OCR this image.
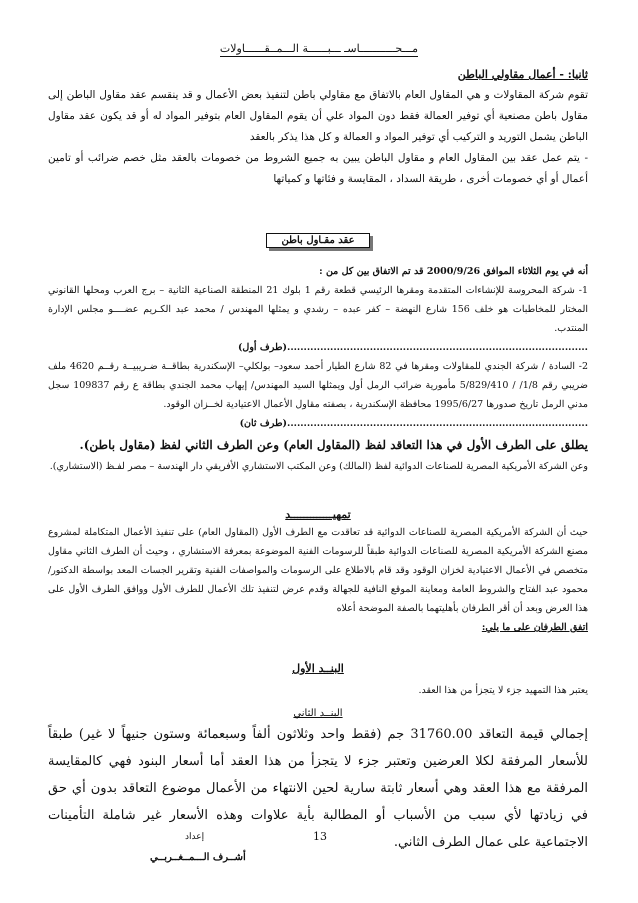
مـــحـــــــــــاسـ ـــبــــــة الـــمــقــــــاولات

ثانيا: - أعمال مقاولي الباطن

تقوم شركة المقاولات و هي المقاول العام بالاتفاق مع مقاولي باطن لتنفيذ بعض الأعمال و قد ينقسم عقد مقاول الباطن إلى مقاول باطن مصنعية أي توفير العمالة فقط دون المواد علي أن يقوم المقاول العام بتوفير المواد له أو قد يكون عقد مقاول الباطن يشمل التوريد و التركيب أي توفير المواد و العمالة و كل هذا يذكر بالعقد

- يتم عمل عقد بين المقاول العام و مقاول الباطن يبين به جميع الشروط من خصومات بالعقد مثل خصم ضرائب أو تامين أعمال أو أي خصومات أخرى ، طريقة السداد ، المقايسة و فئاتها و كمياتها

عقد مقـاول باطن

أنه في يوم الثلاثاء الموافق 2000/9/26 قد تم الاتفاق بين كل من :

1- شركة المحروسة للإنشاءات المتقدمة ومقرها الرئيسي قطعة رقم 1 بلوك 21 المنطقة الصناعية الثانية – برج العرب ومحلها القانوني المختار للمخاطبات هو خلف 156 شارع النهضة – كفر عبده – رشدي و يمثلها المهندس / محمد عبد الكـريم عضــــو مجلس الإدارة المنتدب.

...........................................................................................(طرف أول)

2- السادة / شركة الجندي للمقاولات ومقرها في 82 شارع الطيار أحمد سعود– بولكلي– الإسكندرية بطاقــة ضـريبيــة رقــم 4620 ملف ضريبي رقم 1/8/ / 5/829/410 مأمورية ضرائب الرمل أول ويمثلها السيد المهندس/ إيهاب محمد الجندي بطاقة ع رقم 109837 سجل مدني الرمل تاريخ صدورها 1995/6/27 محافظة الإسكندرية ، بصفته مقاول الأعمال الاعتيادية لخــزان الوقود.

...........................................................................................(طرف ثان)

يطلق على الطرف الأول في هذا التعاقد لفظ (المقاول العام) وعن الطرف الثاني لفظ (مقاول باطن).

وعن الشركة الأمريكية المصرية للصناعات الدوائية لفظ (المالك) وعن المكتب الاستشاري الأفريقي دار الهندسة – مصر لفـظ (الاستشاري).

تمهيـــــــــــــد

حيث أن الشركة الأمريكية المصرية للصناعات الدوائية قد تعاقدت مع الطرف الأول (المقاول العام) على تنفيذ الأعمال المتكاملة لمشروع مصنع الشركة الأمريكية المصرية للصناعات الدوائية طبقاً للرسومات الفنية الموضوعة بمعرفة الاستشاري ، وحيث أن الطرف الثاني مقاول متخصص في الأعمال الاعتيادية لخزان الوقود وقد قام بالاطلاع على الرسومات والمواصفات الفنية وتقرير الجسات المعد بواسطة الدكتور/ محمود عبد الفتاح والشروط العامة ومعاينة الموقع النافية للجهالة وقدم عرض لتنفيذ تلك الأعمال للطرف الأول ووافق الطرف الأول على هذا العرض وبعد أن أقر الطرفان بأهليتهما بالصفة الموضحة أعلاه

اتفق الطرفان على ما يلي:

البنــد الأول

يعتبر هذا التمهيد جزء لا يتجزأ من هذا العقد.

البنــد الثاني

إجمالي قيمة التعاقد 31760.00 جم (فقط واحد وثلاثون ألفاً وسبعمائة وستون جنيهاً لا غير) طبقاً للأسعار المرفقة لكلا العرضين وتعتبر جزء لا يتجزأ من هذا العقد أما أسعار البنود فهي كالمقايسة المرفقة مع هذا العقد وهي أسعار ثابتة سارية لحين الانتهاء من الأعمال موضوع التعاقد بدون أي حق في زيادتها لأي سبب من الأسباب أو المطالبة بأية علاوات وهذه الأسعار غير شاملة التأمينات الاجتماعية على عمال الطرف الثاني.

13
إعداد
أشــرف الـــمــغــربــي
